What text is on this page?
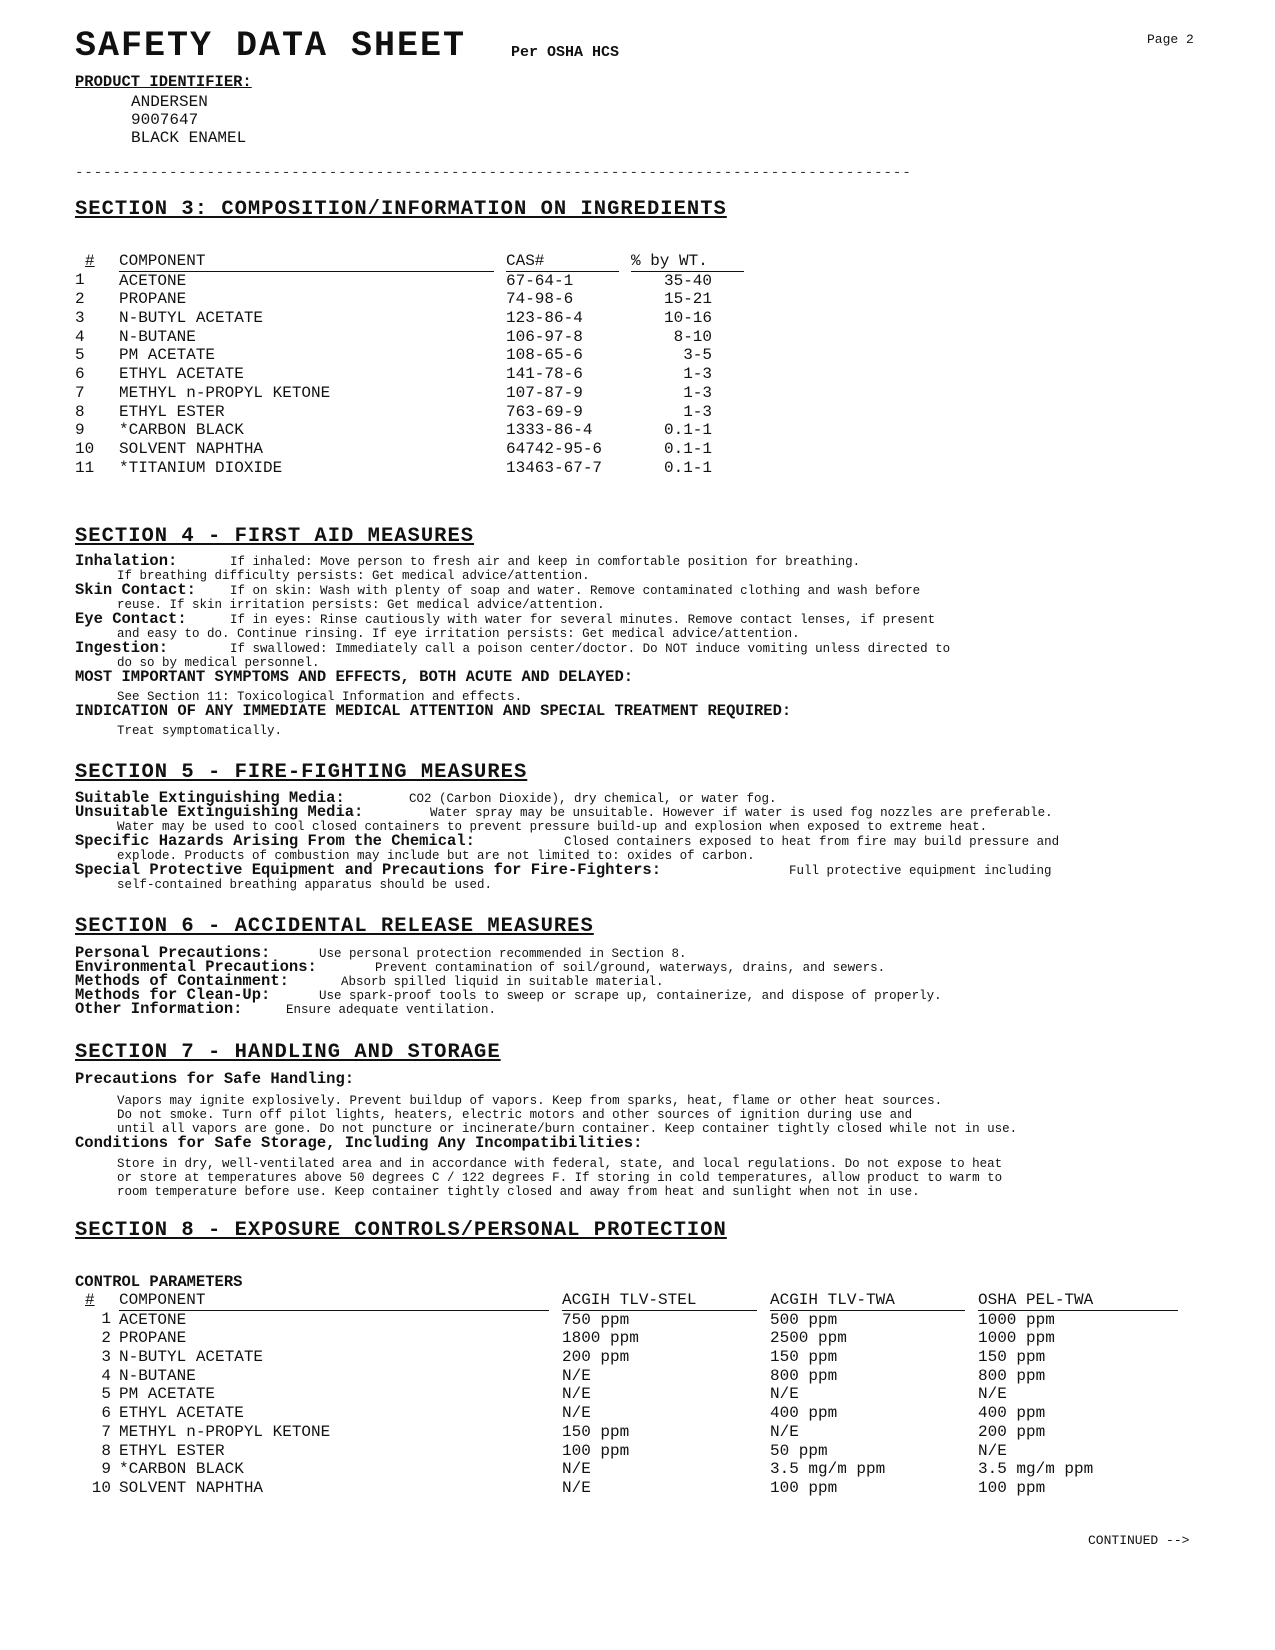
SAFETY DATA SHEET	Per OSHA HCS
Page 2
PRODUCT IDENTIFIER:
ANDERSEN
9007647
BLACK ENAMEL
-----------------------------------------------------------------------------------------
SECTION 3: COMPOSITION/INFORMATION ON INGREDIENTS
#	COMPONENT		CAS#		% by WT.
1	ACETONE		67-64-1		35-40
2	PROPANE		74-98-6		15-21
3	N-BUTYL ACETATE		123-86-4		10-16
4	N-BUTANE		106-97-8		8-10
5	PM ACETATE		108-65-6		3-5
6	ETHYL ACETATE		141-78-6		1-3
7	METHYL n-PROPYL KETONE		107-87-9		1-3
8	ETHYL ESTER		763-69-9		1-3
9	*CARBON BLACK		1333-86-4		0.1-1
10	SOLVENT NAPHTHA		64742-95-6		0.1-1
11	*TITANIUM DIOXIDE		13463-67-7		0.1-1
SECTION 4 - FIRST AID MEASURES
Inhalation:	If inhaled: Move person to fresh air and keep in comfortable position for breathing.
If breathing difficulty persists: Get medical advice/attention.
Skin Contact:	If on skin: Wash with plenty of soap and water. Remove contaminated clothing and wash before
reuse. If skin irritation persists: Get medical advice/attention.
Eye Contact:	If in eyes: Rinse cautiously with water for several minutes. Remove contact lenses, if present
and easy to do. Continue rinsing. If eye irritation persists: Get medical advice/attention.
Ingestion:	If swallowed: Immediately call a poison center/doctor. Do NOT induce vomiting unless directed to
do so by medical personnel.
MOST IMPORTANT SYMPTOMS AND EFFECTS, BOTH ACUTE AND DELAYED:
See Section 11: Toxicological Information and effects.
INDICATION OF ANY IMMEDIATE MEDICAL ATTENTION AND SPECIAL TREATMENT REQUIRED:
Treat symptomatically.
SECTION 5 - FIRE-FIGHTING MEASURES
Suitable Extinguishing Media:	CO2 (Carbon Dioxide), dry chemical, or water fog.
Unsuitable Extinguishing Media:	Water spray may be unsuitable. However if water is used fog nozzles are preferable.
Water may be used to cool closed containers to prevent pressure build-up and explosion when exposed to extreme heat.
Specific Hazards Arising From the Chemical:	Closed containers exposed to heat from fire may build pressure and
explode. Products of combustion may include but are not limited to: oxides of carbon.
Special Protective Equipment and Precautions for Fire-Fighters:	Full protective equipment including
self-contained breathing apparatus should be used.
SECTION 6 - ACCIDENTAL RELEASE MEASURES
Personal Precautions:	Use personal protection recommended in Section 8.
Environmental Precautions:	Prevent contamination of soil/ground, waterways, drains, and sewers.
Methods of Containment:	Absorb spilled liquid in suitable material.
Methods for Clean-Up:	Use spark-proof tools to sweep or scrape up, containerize, and dispose of properly.
Other Information:	Ensure adequate ventilation.
SECTION 7 - HANDLING AND STORAGE
Precautions for Safe Handling:
Vapors may ignite explosively. Prevent buildup of vapors. Keep from sparks, heat, flame or other heat sources.
Do not smoke. Turn off pilot lights, heaters, electric motors and other sources of ignition during use and
until all vapors are gone. Do not puncture or incinerate/burn container. Keep container tightly closed while not in use.
Conditions for Safe Storage, Including Any Incompatibilities:
Store in dry, well-ventilated area and in accordance with federal, state, and local regulations. Do not expose to heat
or store at temperatures above 50 degrees C / 122 degrees F. If storing in cold temperatures, allow product to warm to
room temperature before use. Keep container tightly closed and away from heat and sunlight when not in use.
SECTION 8 - EXPOSURE CONTROLS/PERSONAL PROTECTION
CONTROL PARAMETERS
#	COMPONENT		ACGIH TLV-STEL		ACGIH TLV-TWA		OSHA PEL-TWA
1	ACETONE		750 ppm		500 ppm		1000 ppm
2	PROPANE		1800 ppm		2500 ppm		1000 ppm
3	N-BUTYL ACETATE		200 ppm		150 ppm		150 ppm
4	N-BUTANE		N/E		800 ppm		800 ppm
5	PM ACETATE		N/E		N/E		N/E
6	ETHYL ACETATE		N/E		400 ppm		400 ppm
7	METHYL n-PROPYL KETONE		150 ppm		N/E		200 ppm
8	ETHYL ESTER		100 ppm		50 ppm		N/E
9	*CARBON BLACK		N/E		3.5 mg/m ppm		3.5 mg/m ppm
10	SOLVENT NAPHTHA		N/E		100 ppm		100 ppm
CONTINUED -->
